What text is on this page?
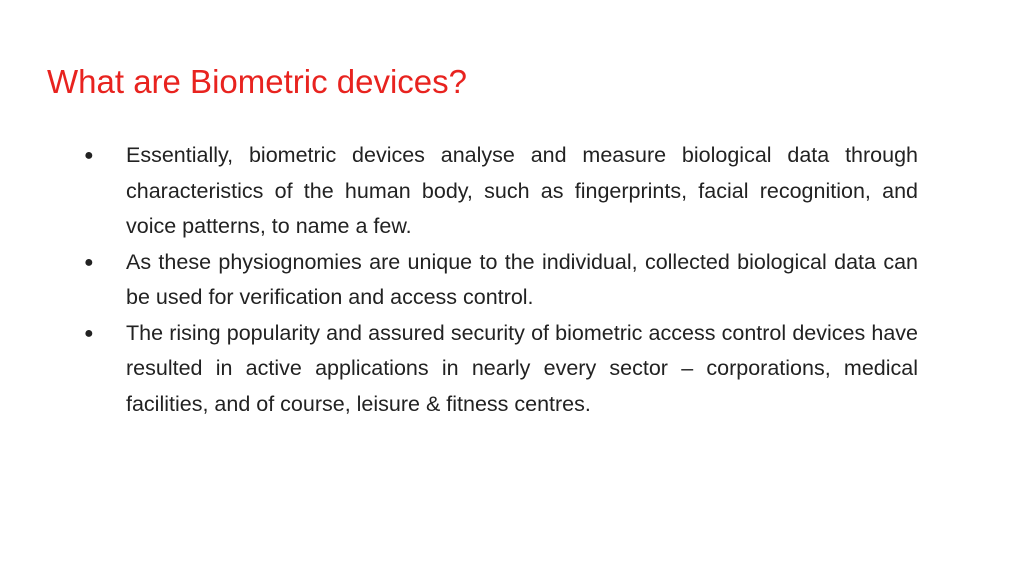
What are Biometric devices?
● Essentially, biometric devices analyse and measure biological data through characteristics of the human body, such as fingerprints, facial recognition, and voice patterns, to name a few.
● As these physiognomies are unique to the individual, collected biological data can be used for verification and access control.
● The rising popularity and assured security of biometric access control devices have resulted in active applications in nearly every sector – corporations, medical facilities, and of course, leisure & fitness centres.
